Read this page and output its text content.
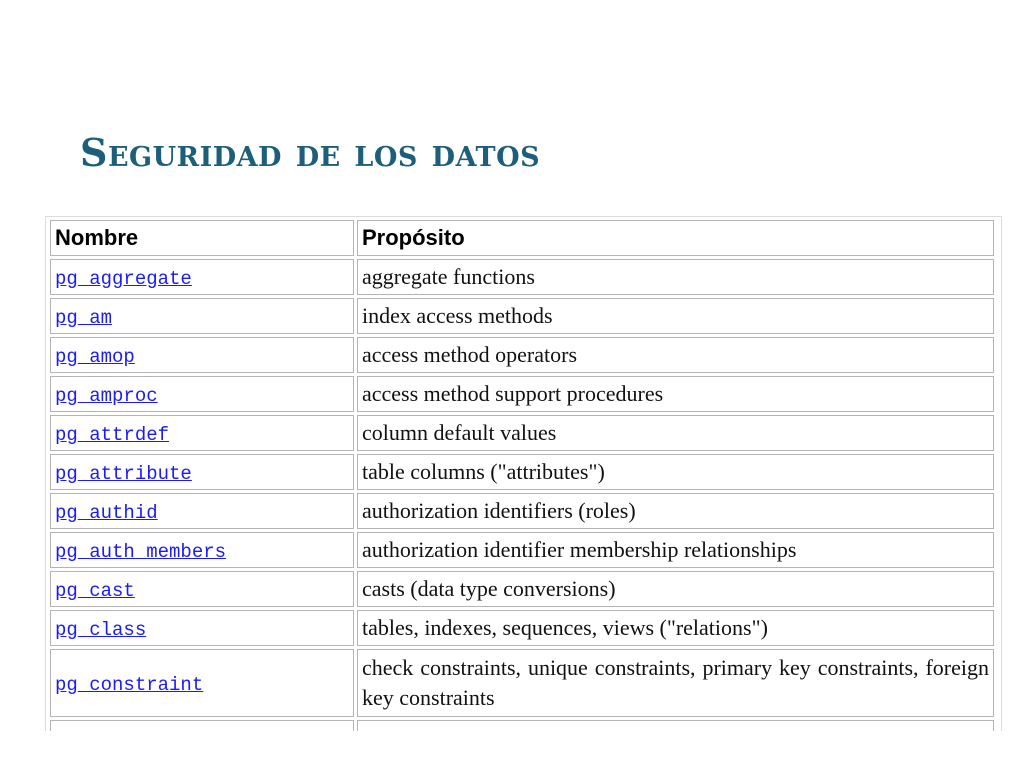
Seguridad de los datos
Nombre	Propósito
pg_aggregate	aggregate functions
pg_am	index access methods
pg_amop	access method operators
pg_amproc	access method support procedures
pg_attrdef	column default values
pg_attribute	table columns ("attributes")
pg_authid	authorization identifiers (roles)
pg_auth_members	authorization identifier membership relationships
pg_cast	casts (data type conversions)
pg_class	tables, indexes, sequences, views ("relations")
pg_constraint	check constraints, unique constraints, primary key constraints, foreign key constraints
